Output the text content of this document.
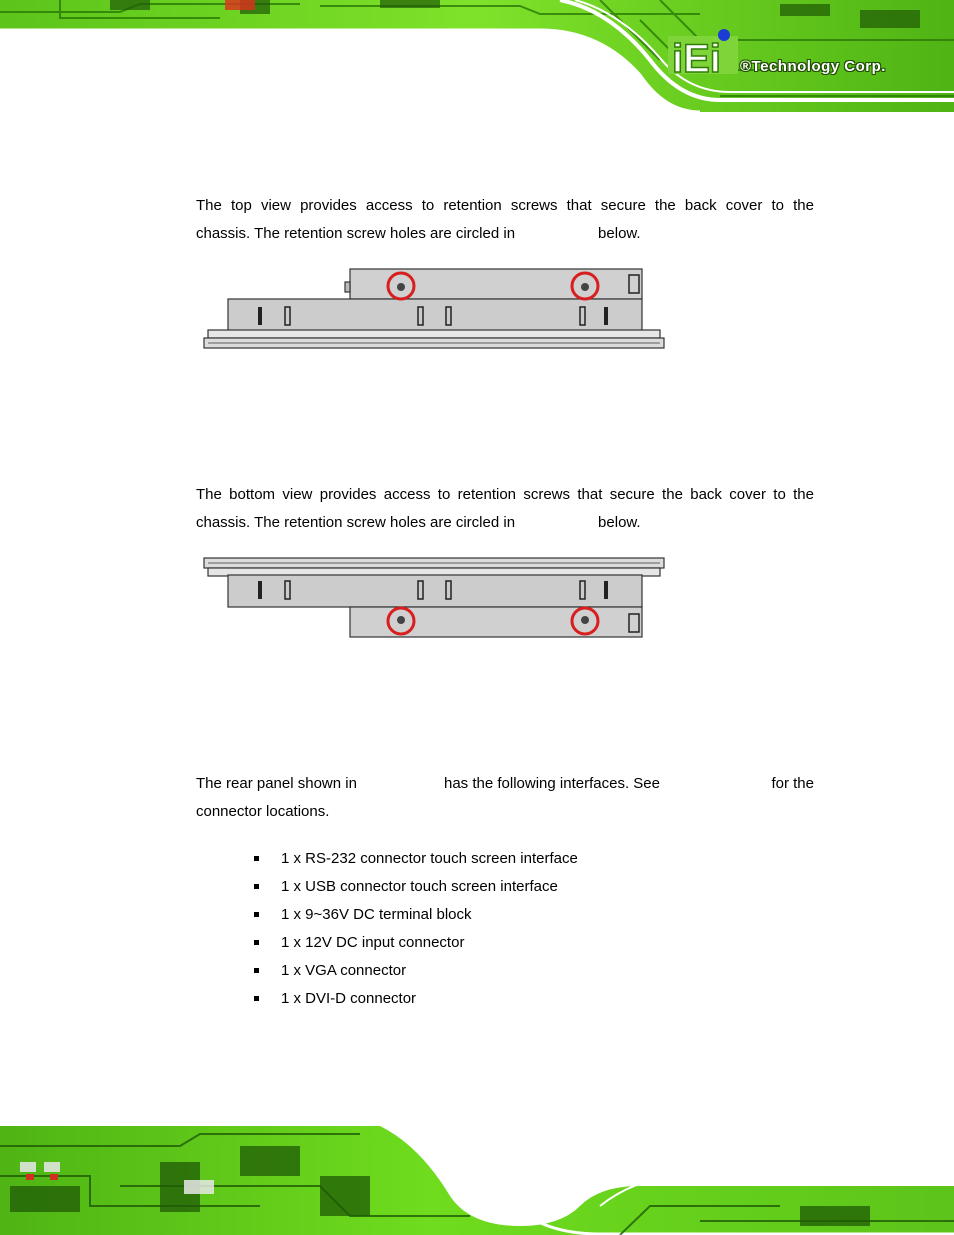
iEi ®Technology Corp.
The top view provides access to retention screws that secure the back cover to the
chassis. The retention screw holes are circled in	below.
The bottom view provides access to retention screws that secure the back cover to the
chassis. The retention screw holes are circled in	below.
The rear panel shown in	has the following interfaces. See	for the
connector locations.
1 x RS-232 connector touch screen interface
1 x USB connector touch screen interface
1 x 9~36V DC terminal block
1 x 12V DC input connector
1 x VGA connector
1 x DVI-D connector
